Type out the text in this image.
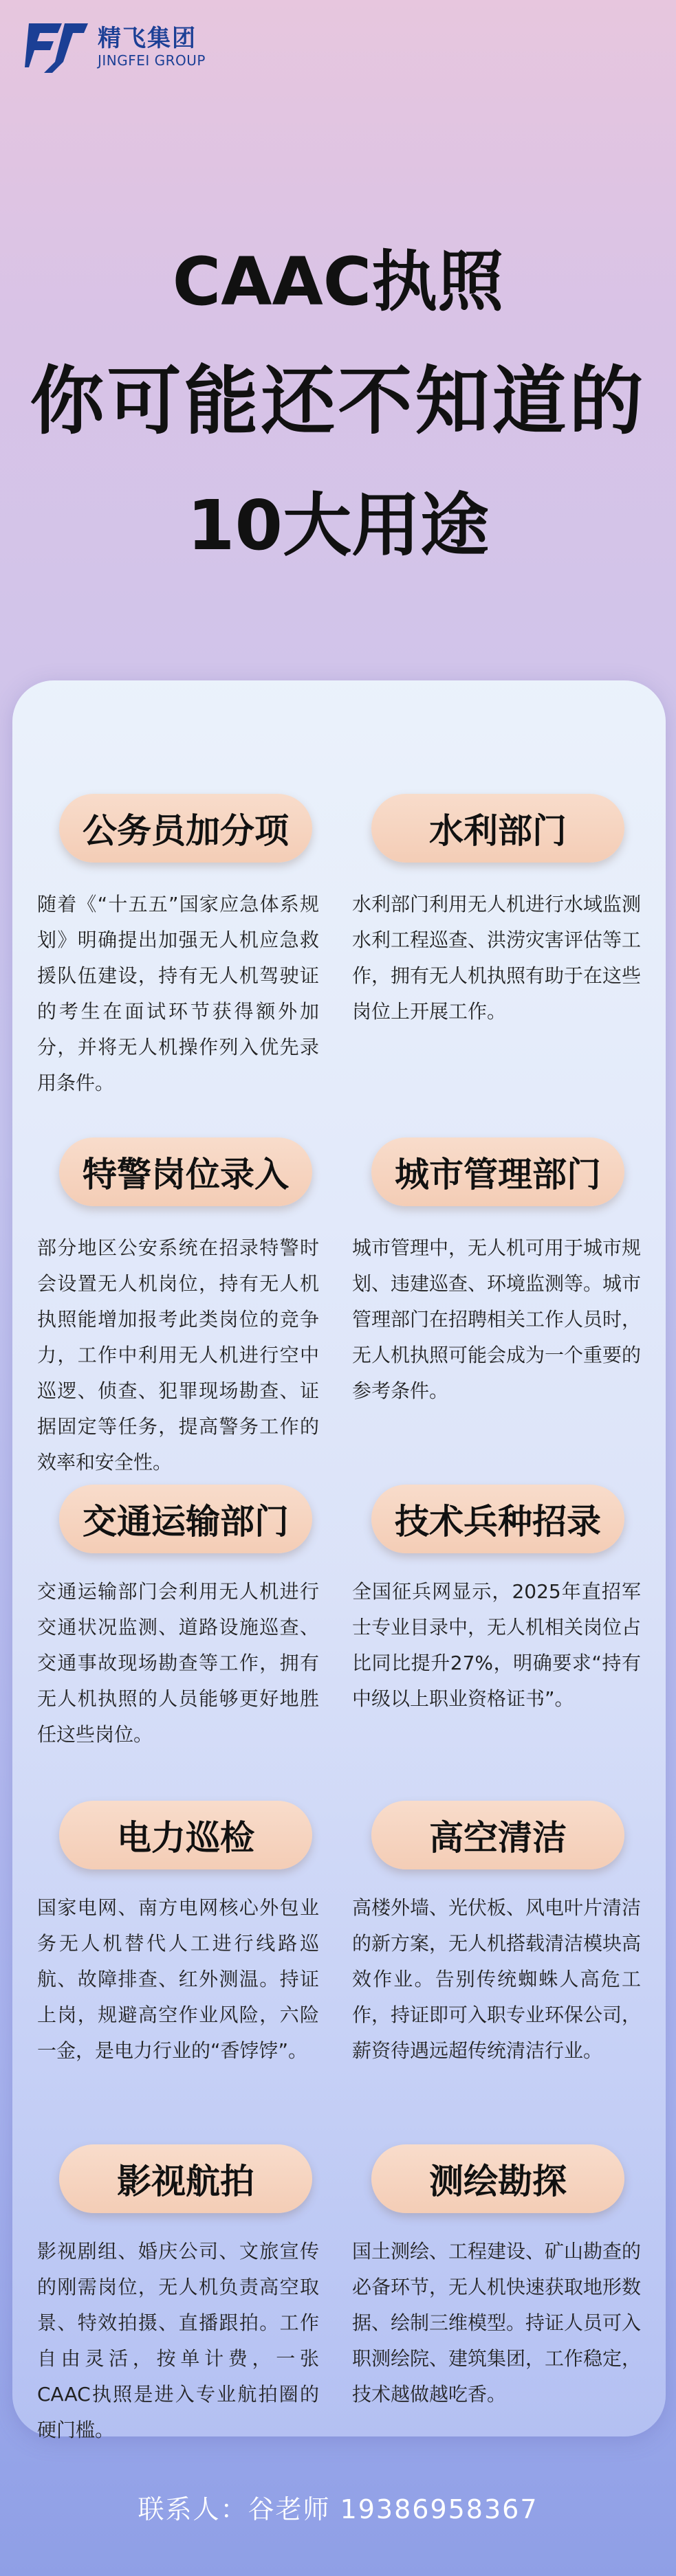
精飞集团
JINGFEI GROUP
CAAC执照
你可能还不知道的
10大用途
公务员加分项
随着《“十五五”国家应急体系规划》明确提出加强无人机应急救援队伍建设，持有无人机驾驶证的考生在面试环节获得额外加分，并将无人机操作列入优先录用条件。
水利部门
水利部门利用无人机进行水域监测水利工程巡查、洪涝灾害评估等工作，拥有无人机执照有助于在这些岗位上开展工作。
特警岗位录入
部分地区公安系统在招录特警时会设置无人机岗位，持有无人机执照能增加报考此类岗位的竞争力，工作中利用无人机进行空中巡逻、侦查、犯罪现场勘查、证据固定等任务，提高警务工作的效率和安全性。
城市管理部门
城市管理中，无人机可用于城市规划、违建巡查、环境监测等。城市管理部门在招聘相关工作人员时，无人机执照可能会成为一个重要的参考条件。
交通运输部门
交通运输部门会利用无人机进行交通状况监测、道路设施巡查、交通事故现场勘查等工作，拥有无人机执照的人员能够更好地胜任这些岗位。
技术兵种招录
全国征兵网显示，2025年直招军士专业目录中，无人机相关岗位占比同比提升27%，明确要求“持有中级以上职业资格证书”。
电力巡检
国家电网、南方电网核心外包业务无人机替代人工进行线路巡航、故障排查、红外测温。持证上岗，规避高空作业风险，六险一金，是电力行业的“香饽饽”。
高空清洁
高楼外墙、光伏板、风电叶片清洁的新方案，无人机搭载清洁模块高效作业。告别传统蜘蛛人高危工作，持证即可入职专业环保公司，薪资待遇远超传统清洁行业。
影视航拍
影视剧组、婚庆公司、文旅宣传的刚需岗位，无人机负责高空取景、特效拍摄、直播跟拍。工作自由灵活，按单计费，一张CAAC执照是进入专业航拍圈的硬门槛。
测绘勘探
国土测绘、工程建设、矿山勘查的必备环节，无人机快速获取地形数据、绘制三维模型。持证人员可入职测绘院、建筑集团，工作稳定，技术越做越吃香。
联系人：谷老师 19386958367
